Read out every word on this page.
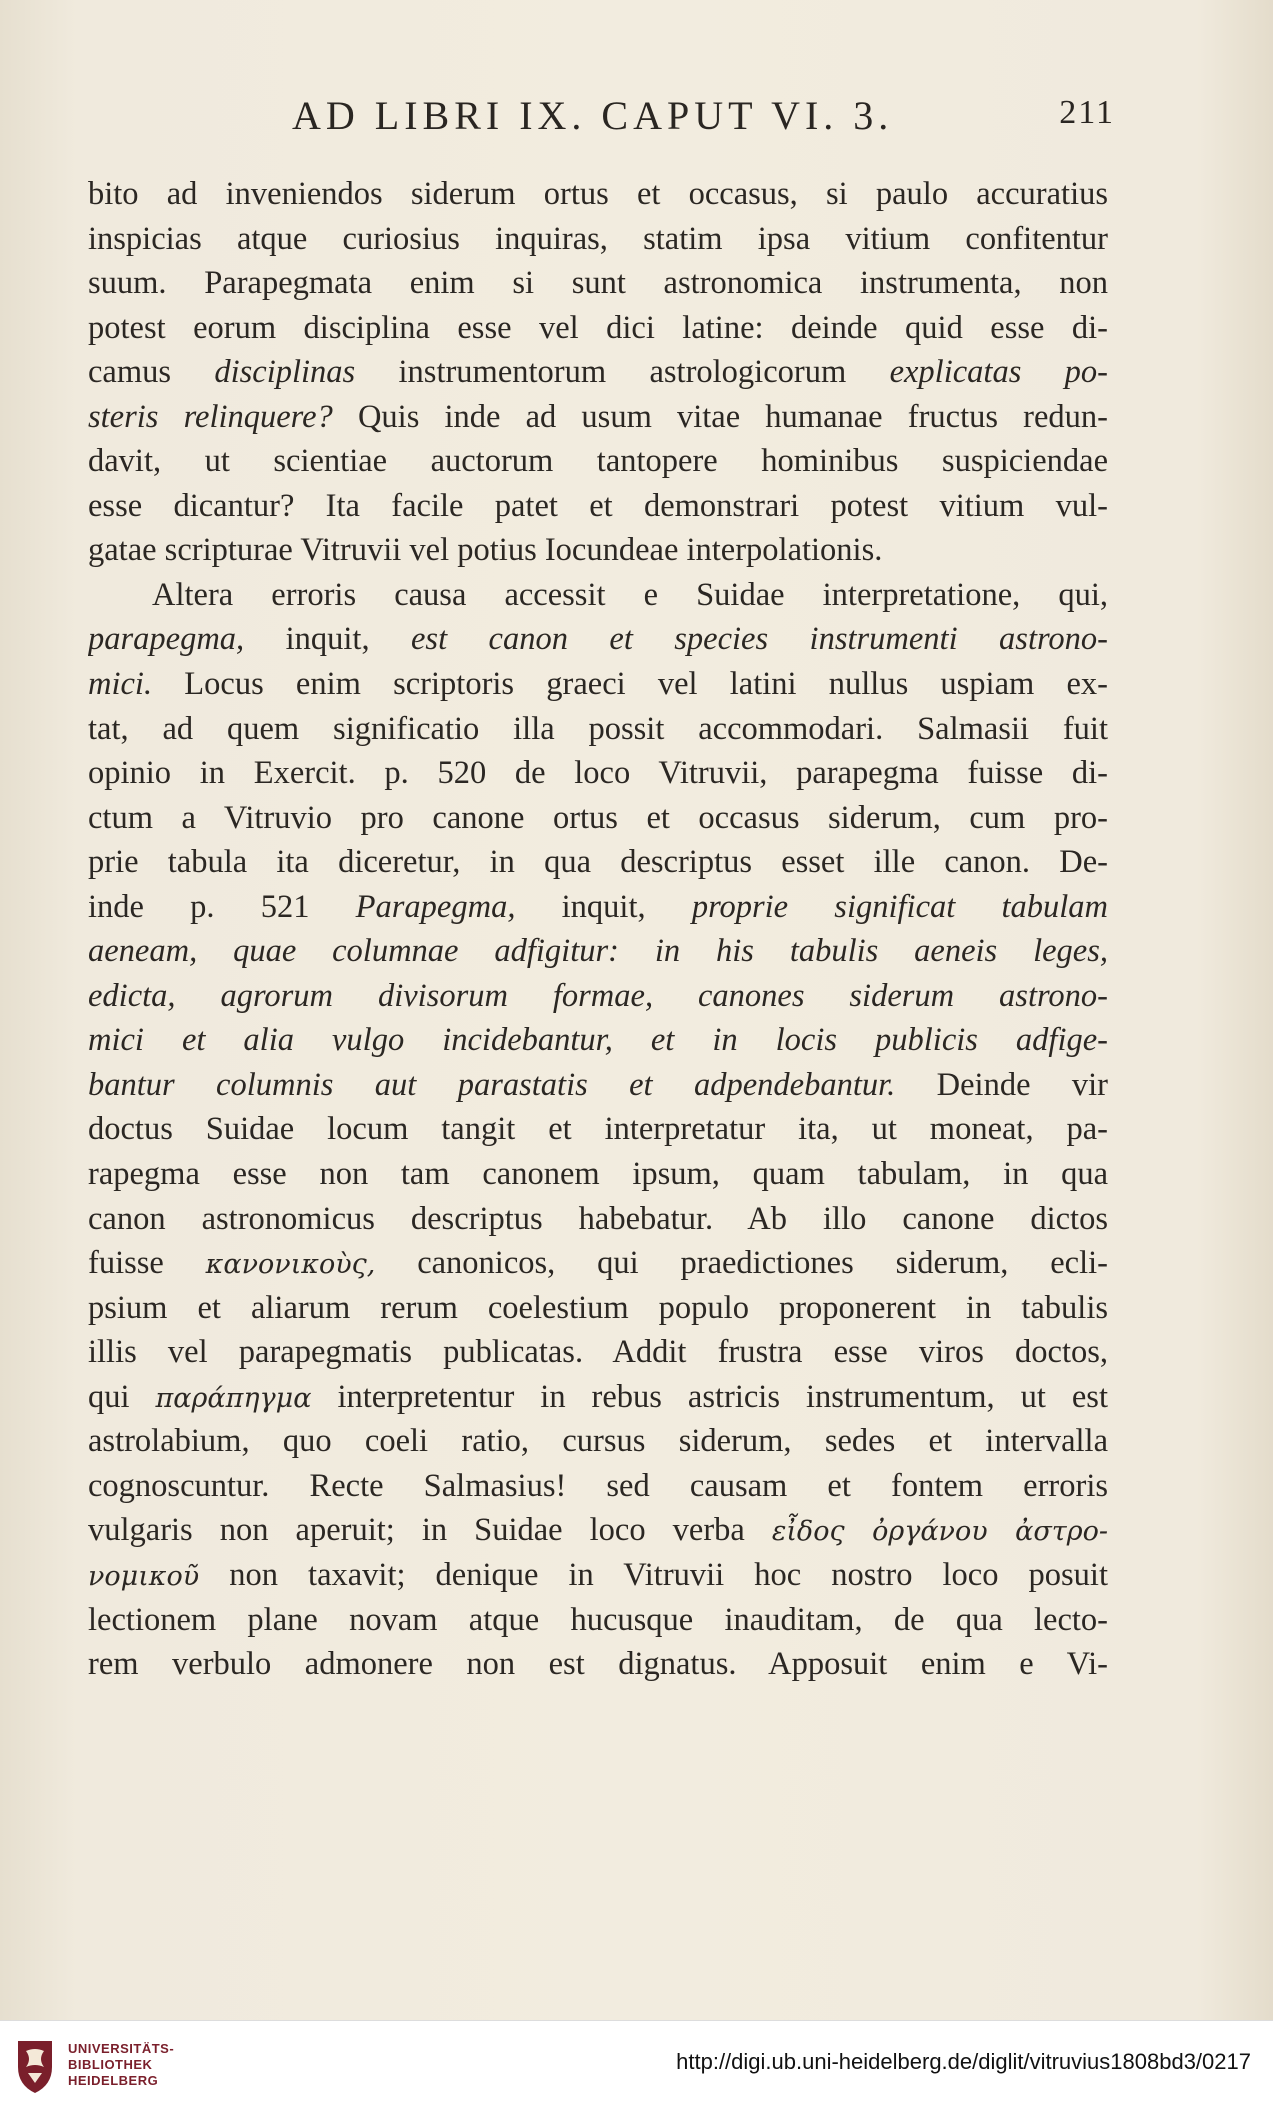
AD LIBRI IX. CAPUT VI. 3.	211
bito ad inveniendos siderum ortus et occasus, si paulo accuratius
inspicias atque curiosius inquiras, statim ipsa vitium confitentur
suum. Parapegmata enim si sunt astronomica instrumenta, non
potest eorum disciplina esse vel dici latine: deinde quid esse di-
camus disciplinas instrumentorum astrologicorum explicatas po-
steris relinquere? Quis inde ad usum vitae humanae fructus redun-
davit, ut scientiae auctorum tantopere hominibus suspiciendae
esse dicantur? Ita facile patet et demonstrari potest vitium vul-
gatae scripturae Vitruvii vel potius Iocundeae interpolationis.
Altera erroris causa accessit e Suidae interpretatione, qui,
parapegma, inquit, est canon et species instrumenti astrono-
mici. Locus enim scriptoris graeci vel latini nullus uspiam ex-
tat, ad quem significatio illa possit accommodari. Salmasii fuit
opinio in Exercit. p. 520 de loco Vitruvii, parapegma fuisse di-
ctum a Vitruvio pro canone ortus et occasus siderum, cum pro-
prie tabula ita diceretur, in qua descriptus esset ille canon. De-
inde p. 521 Parapegma, inquit, proprie significat tabulam
aeneam, quae columnae adfigitur: in his tabulis aeneis leges,
edicta, agrorum divisorum formae, canones siderum astrono-
mici et alia vulgo incidebantur, et in locis publicis adfige-
bantur columnis aut parastatis et adpendebantur. Deinde vir
doctus Suidae locum tangit et interpretatur ita, ut moneat, pa-
rapegma esse non tam canonem ipsum, quam tabulam, in qua
canon astronomicus descriptus habebatur. Ab illo canone dictos
fuisse κανονικοὺς, canonicos, qui praedictiones siderum, ecli-
psium et aliarum rerum coelestium populo proponerent in tabulis
illis vel parapegmatis publicatas. Addit frustra esse viros doctos,
qui παράπηγμα interpretentur in rebus astricis instrumentum, ut est
astrolabium, quo coeli ratio, cursus siderum, sedes et intervalla
cognoscuntur. Recte Salmasius! sed causam et fontem erroris
vulgaris non aperuit; in Suidae loco verba εἶδος ὀργάνου ἀστρο-
νομικοῦ non taxavit; denique in Vitruvii hoc nostro loco posuit
lectionem plane novam atque hucusque inauditam, de qua lecto-
rem verbulo admonere non est dignatus. Apposuit enim e Vi-
UNIVERSITÄTS-
BIBLIOTHEK
HEIDELBERG
http://digi.ub.uni-heidelberg.de/diglit/vitruvius1808bd3/0217
